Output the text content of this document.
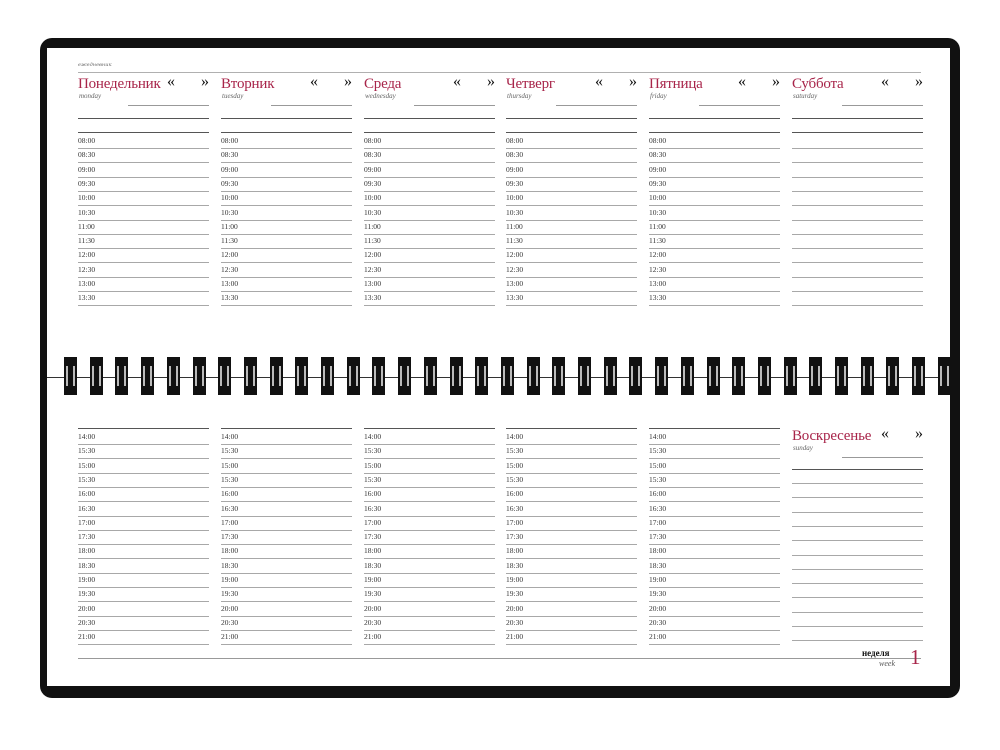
ежедневник
Понедельник
monday
« »
08:00
08:30
09:00
09:30
10:00
10:30
11:00
11:30
12:00
12:30
13:00
13:30
Вторник
tuesday
« »
08:00
08:30
09:00
09:30
10:00
10:30
11:00
11:30
12:00
12:30
13:00
13:30
Среда
wednesday
« »
08:00
08:30
09:00
09:30
10:00
10:30
11:00
11:30
12:00
12:30
13:00
13:30
Четверг
thursday
« »
08:00
08:30
09:00
09:30
10:00
10:30
11:00
11:30
12:00
12:30
13:00
13:30
Пятница
friday
« »
08:00
08:30
09:00
09:30
10:00
10:30
11:00
11:30
12:00
12:30
13:00
13:30
Суббота
saturday
« »
14:00
15:30
15:00
15:30
16:00
16:30
17:00
17:30
18:00
18:30
19:00
19:30
20:00
20:30
21:00
14:00
15:30
15:00
15:30
16:00
16:30
17:00
17:30
18:00
18:30
19:00
19:30
20:00
20:30
21:00
14:00
15:30
15:00
15:30
16:00
16:30
17:00
17:30
18:00
18:30
19:00
19:30
20:00
20:30
21:00
14:00
15:30
15:00
15:30
16:00
16:30
17:00
17:30
18:00
18:30
19:00
19:30
20:00
20:30
21:00
14:00
15:30
15:00
15:30
16:00
16:30
17:00
17:30
18:00
18:30
19:00
19:30
20:00
20:30
21:00
Воскресенье
sunday
« »
неделя
week 1
